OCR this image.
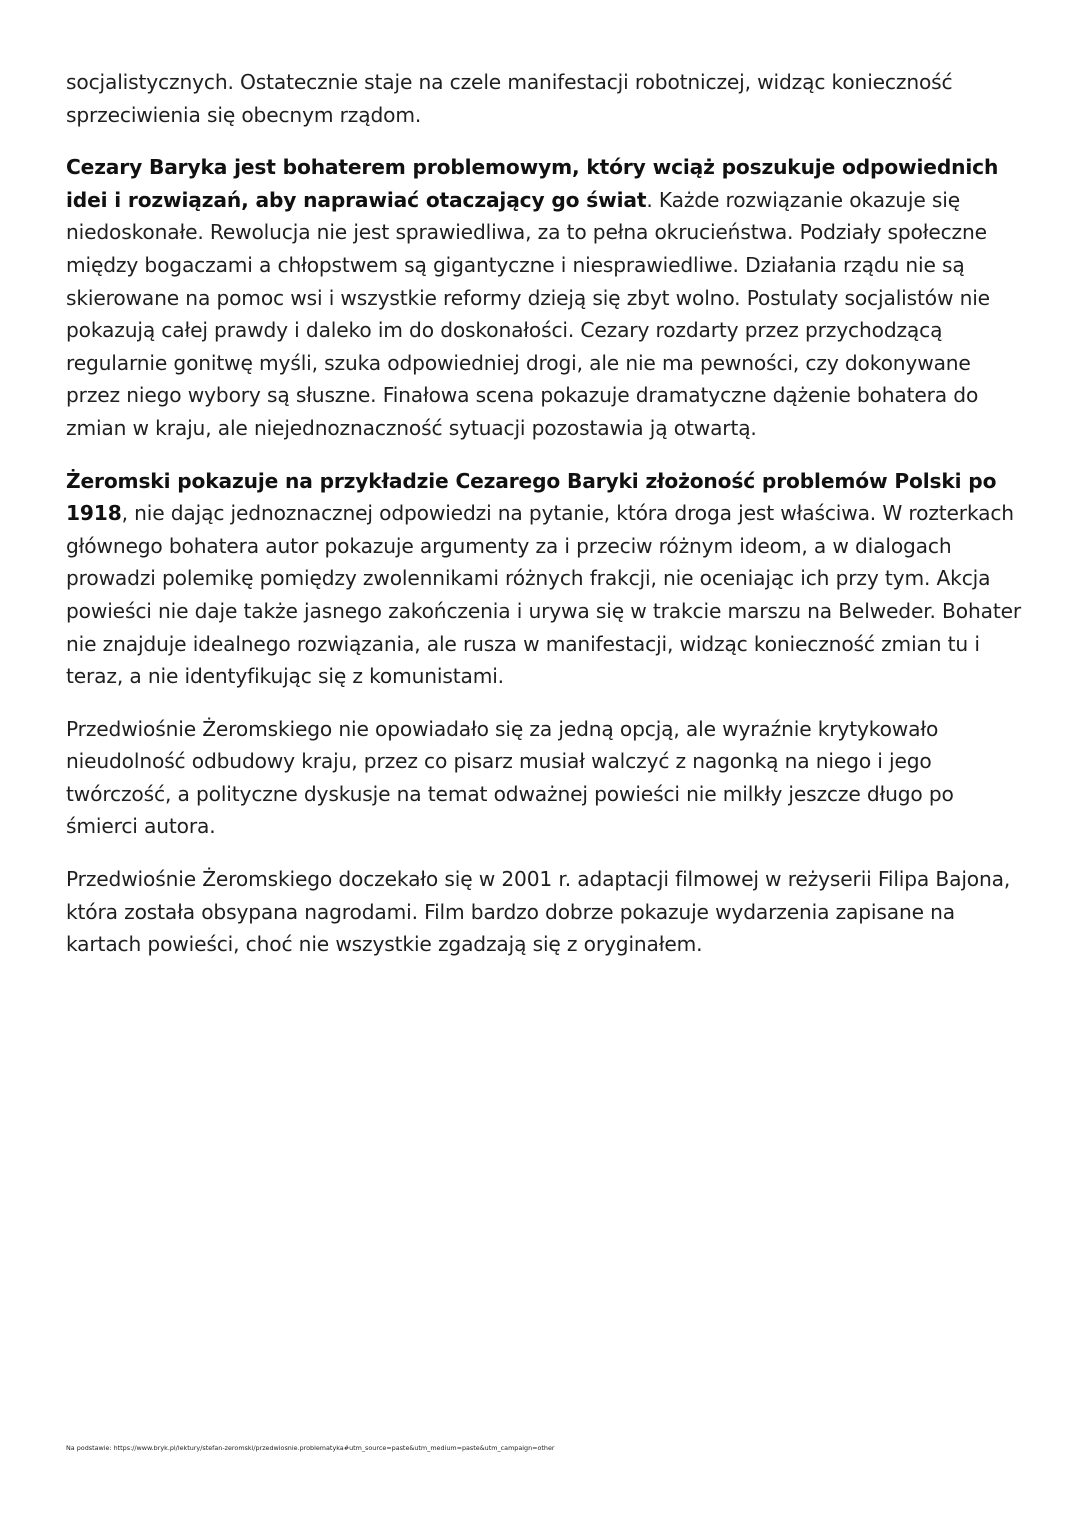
socjalistycznych. Ostatecznie staje na czele manifestacji robotniczej, widząc konieczność sprzeciwienia się obecnym rządom.

Cezary Baryka jest bohaterem problemowym, który wciąż poszukuje odpowiednich idei i rozwiązań, aby naprawiać otaczający go świat. Każde rozwiązanie okazuje się niedoskonałe. Rewolucja nie jest sprawiedliwa, za to pełna okrucieństwa. Podziały społeczne między bogaczami a chłopstwem są gigantyczne i niesprawiedliwe. Działania rządu nie są skierowane na pomoc wsi i wszystkie reformy dzieją się zbyt wolno. Postulaty socjalistów nie pokazują całej prawdy i daleko im do doskonałości. Cezary rozdarty przez przychodzącą regularnie gonitwę myśli, szuka odpowiedniej drogi, ale nie ma pewności, czy dokonywane przez niego wybory są słuszne. Finałowa scena pokazuje dramatyczne dążenie bohatera do zmian w kraju, ale niejednoznaczność sytuacji pozostawia ją otwartą.

Żeromski pokazuje na przykładzie Cezarego Baryki złożoność problemów Polski po 1918, nie dając jednoznacznej odpowiedzi na pytanie, która droga jest właściwa. W rozterkach głównego bohatera autor pokazuje argumenty za i przeciw różnym ideom, a w dialogach prowadzi polemikę pomiędzy zwolennikami różnych frakcji, nie oceniając ich przy tym. Akcja powieści nie daje także jasnego zakończenia i urywa się w trakcie marszu na Belweder. Bohater nie znajduje idealnego rozwiązania, ale rusza w manifestacji, widząc konieczność zmian tu i teraz, a nie identyfikując się z komunistami.

Przedwiośnie Żeromskiego nie opowiadało się za jedną opcją, ale wyraźnie krytykowało nieudolność odbudowy kraju, przez co pisarz musiał walczyć z nagonką na niego i jego twórczość, a polityczne dyskusje na temat odważnej powieści nie milkły jeszcze długo po śmierci autora.

Przedwiośnie Żeromskiego doczekało się w 2001 r. adaptacji filmowej w reżyserii Filipa Bajona, która została obsypana nagrodami. Film bardzo dobrze pokazuje wydarzenia zapisane na kartach powieści, choć nie wszystkie zgadzają się z oryginałem.

Na podstawie: https://www.bryk.pl/lektury/stefan-zeromski/przedwiosnie.problematyka#utm_source=paste&utm_medium=paste&utm_campaign=other
